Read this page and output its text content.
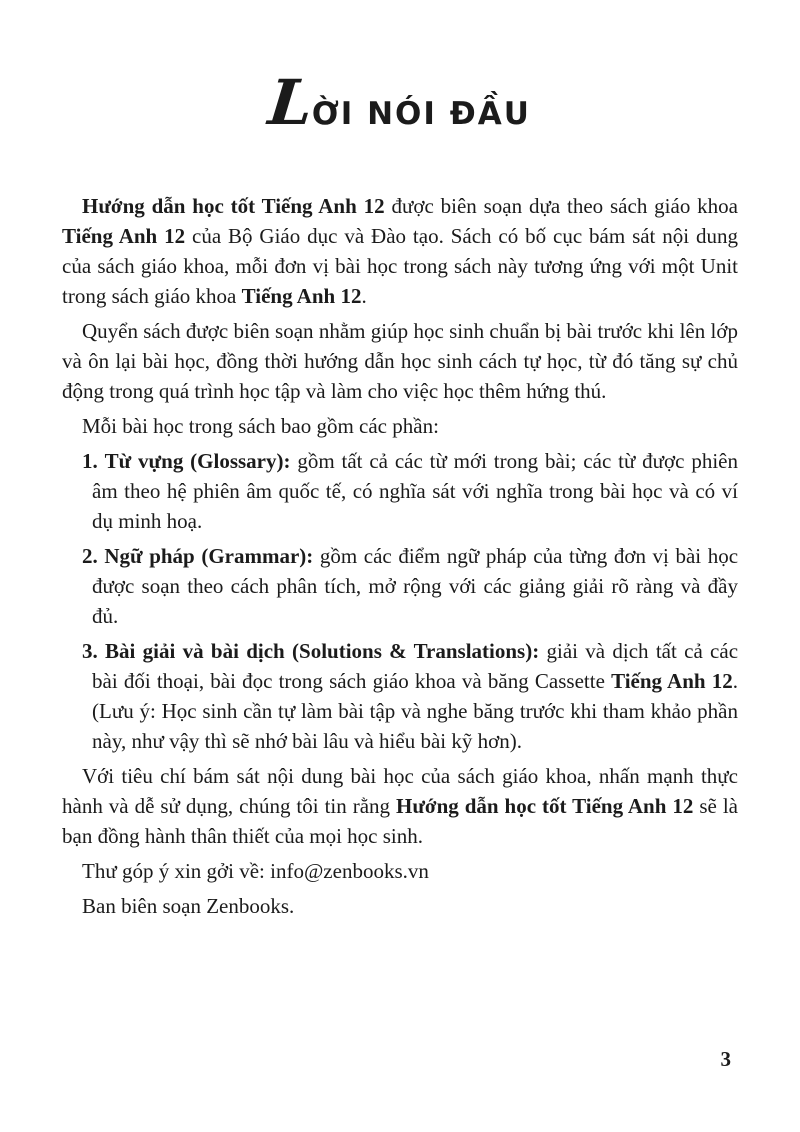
LỜI NÓI ĐẦU
Hướng dẫn học tốt Tiếng Anh 12 được biên soạn dựa theo sách giáo khoa Tiếng Anh 12 của Bộ Giáo dục và Đào tạo. Sách có bố cục bám sát nội dung của sách giáo khoa, mỗi đơn vị bài học trong sách này tương ứng với một Unit trong sách giáo khoa Tiếng Anh 12.
Quyển sách được biên soạn nhằm giúp học sinh chuẩn bị bài trước khi lên lớp và ôn lại bài học, đồng thời hướng dẫn học sinh cách tự học, từ đó tăng sự chủ động trong quá trình học tập và làm cho việc học thêm hứng thú.
Mỗi bài học trong sách bao gồm các phần:
1. Từ vựng (Glossary): gồm tất cả các từ mới trong bài; các từ được phiên âm theo hệ phiên âm quốc tế, có nghĩa sát với nghĩa trong bài học và có ví dụ minh hoạ.
2. Ngữ pháp (Grammar): gồm các điểm ngữ pháp của từng đơn vị bài học được soạn theo cách phân tích, mở rộng với các giảng giải rõ ràng và đầy đủ.
3. Bài giải và bài dịch (Solutions & Translations): giải và dịch tất cả các bài đối thoại, bài đọc trong sách giáo khoa và băng Cassette Tiếng Anh 12. (Lưu ý: Học sinh cần tự làm bài tập và nghe băng trước khi tham khảo phần này, như vậy thì sẽ nhớ bài lâu và hiểu bài kỹ hơn).
Với tiêu chí bám sát nội dung bài học của sách giáo khoa, nhấn mạnh thực hành và dễ sử dụng, chúng tôi tin rằng Hướng dẫn học tốt Tiếng Anh 12 sẽ là bạn đồng hành thân thiết của mọi học sinh.
Thư góp ý xin gởi về: info@zenbooks.vn
Ban biên soạn Zenbooks.
3
